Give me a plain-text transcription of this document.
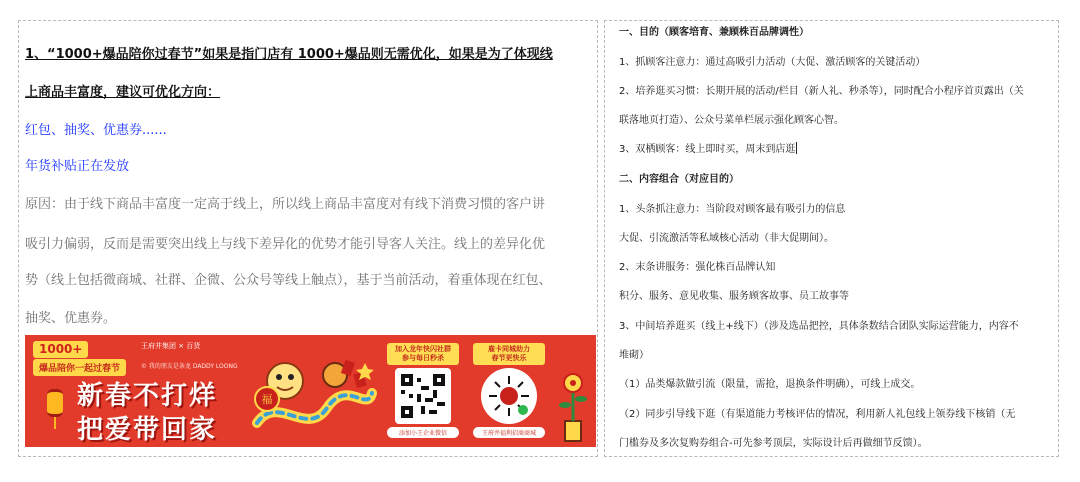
1、“1000+爆品陪你过春节”如果是指门店有 1000+爆品则无需优化，如果是为了体现线
上商品丰富度，建议可优化方向：
红包、抽奖、优惠券......
年货补贴正在发放
原因：由于线下商品丰富度一定高于线上，所以线上商品丰富度对有线下消费习惯的客户讲
吸引力偏弱，反而是需要突出线上与线下差异化的优势才能引导客人关注。线上的差异化优
势（线上包括微商城、社群、企微、公众号等线上触点），基于当前活动，着重体现在红包、
抽奖、优惠券。
1000+
爆品陪你一起过春节
王府井集团 × 百货
© 我的朋友是条龙 DADDY LOONG
新春不打烊
把爱带回家
福
加入龙年快闪社群
参与每日秒杀
添加小王企业微信
雇卡同城助力
春节更快乐
王府井福利招商商城
一、目的（顾客培育、兼顾株百品牌调性）
1、抓顾客注意力：通过高吸引力活动（大促、激活顾客的关键活动）
2、培养逛买习惯：长期开展的活动/栏目（新人礼、秒杀等），同时配合小程序首页露出（关
联落地页打造）、公众号菜单栏展示强化顾客心智。
3、双栖顾客：线上即时买，周末到店逛
二、内容组合（对应目的）
1、头条抓注意力：当阶段对顾客最有吸引力的信息
大促、引流激活等私域核心活动（非大促期间）。
2、末条讲服务：强化株百品牌认知
积分、服务、意见收集、服务顾客故事、员工故事等
3、中间培养逛买（线上+线下）（涉及选品把控，具体条数结合团队实际运营能力，内容不
堆砌）
（1）品类爆款做引流（限量，需抢，退换条件明确），可线上成交。
（2）同步引导线下逛（有渠道能力考核评估的情况，利用新人礼包线上领券线下核销（无
门槛券及多次复购券组合-可先参考顶层，实际设计后再做细节反馈）。
